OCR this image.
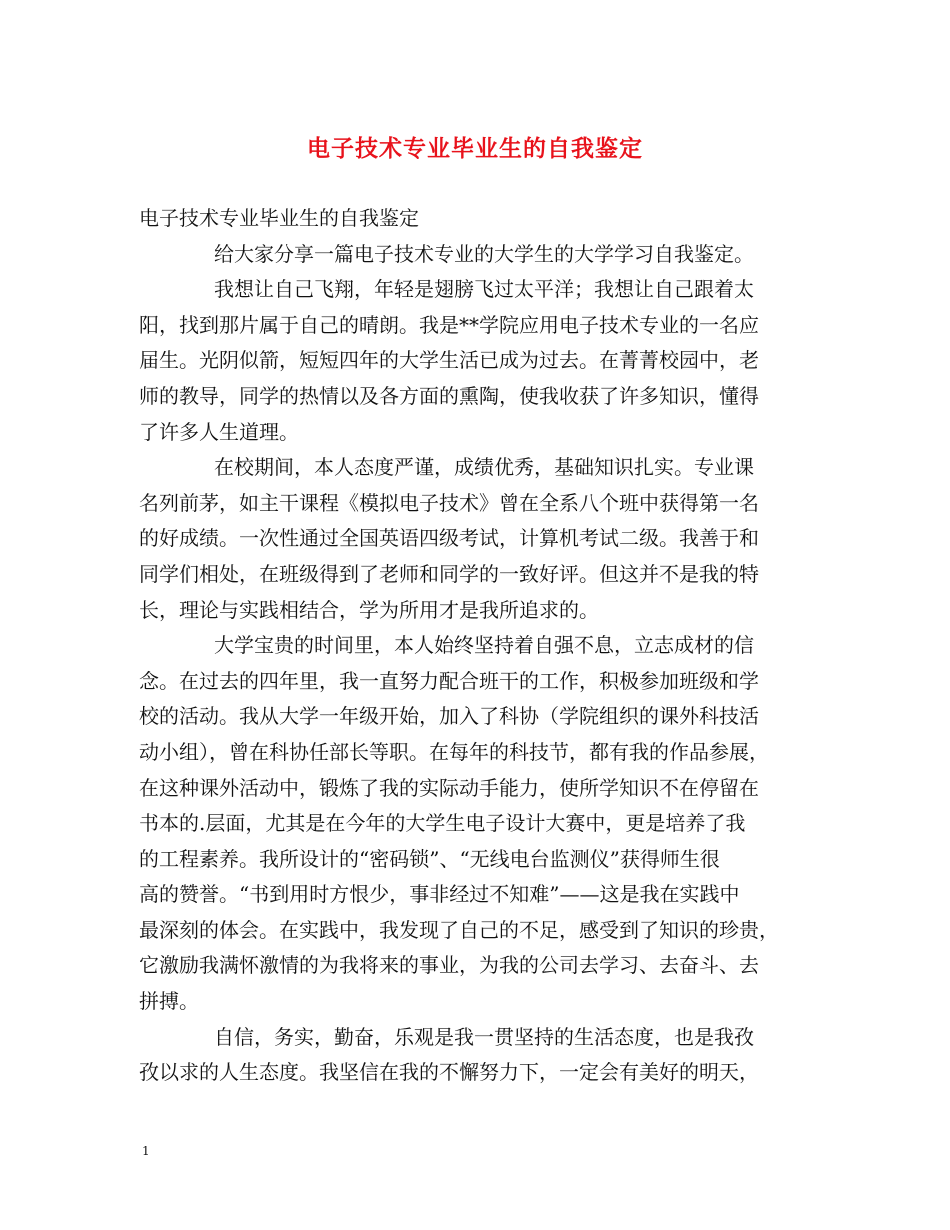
电子技术专业毕业生的自我鉴定

电子技术专业毕业生的自我鉴定

给大家分享一篇电子技术专业的大学生的大学学习自我鉴定。

我想让自己飞翔，年轻是翅膀飞过太平洋；我想让自己跟着太

阳，找到那片属于自己的晴朗。我是**学院应用电子技术专业的一名应

届生。光阴似箭，短短四年的大学生活已成为过去。在菁菁校园中，老

师的教导，同学的热情以及各方面的熏陶，使我收获了许多知识，懂得

了许多人生道理。

在校期间，本人态度严谨，成绩优秀，基础知识扎实。专业课

名列前茅，如主干课程《模拟电子技术》曾在全系八个班中获得第一名

的好成绩。一次性通过全国英语四级考试，计算机考试二级。我善于和

同学们相处，在班级得到了老师和同学的一致好评。但这并不是我的特

长，理论与实践相结合，学为所用才是我所追求的。

大学宝贵的时间里，本人始终坚持着自强不息，立志成材的信

念。在过去的四年里，我一直努力配合班干的工作，积极参加班级和学

校的活动。我从大学一年级开始，加入了科协（学院组织的课外科技活

动小组），曾在科协任部长等职。在每年的科技节，都有我的作品参展，

在这种课外活动中，锻炼了我的实际动手能力，使所学知识不在停留在

书本的.层面，尤其是在今年的大学生电子设计大赛中，更是培养了我

的工程素养。我所设计的“密码锁”、“无线电台监测仪”获得师生很

高的赞誉。“书到用时方恨少，事非经过不知难”——这是我在实践中

最深刻的体会。在实践中，我发现了自己的不足，感受到了知识的珍贵，

它激励我满怀激情的为我将来的事业，为我的公司去学习、去奋斗、去

拼搏。

自信，务实，勤奋，乐观是我一贯坚持的生活态度，也是我孜

孜以求的人生态度。我坚信在我的不懈努力下，一定会有美好的明天，

1
